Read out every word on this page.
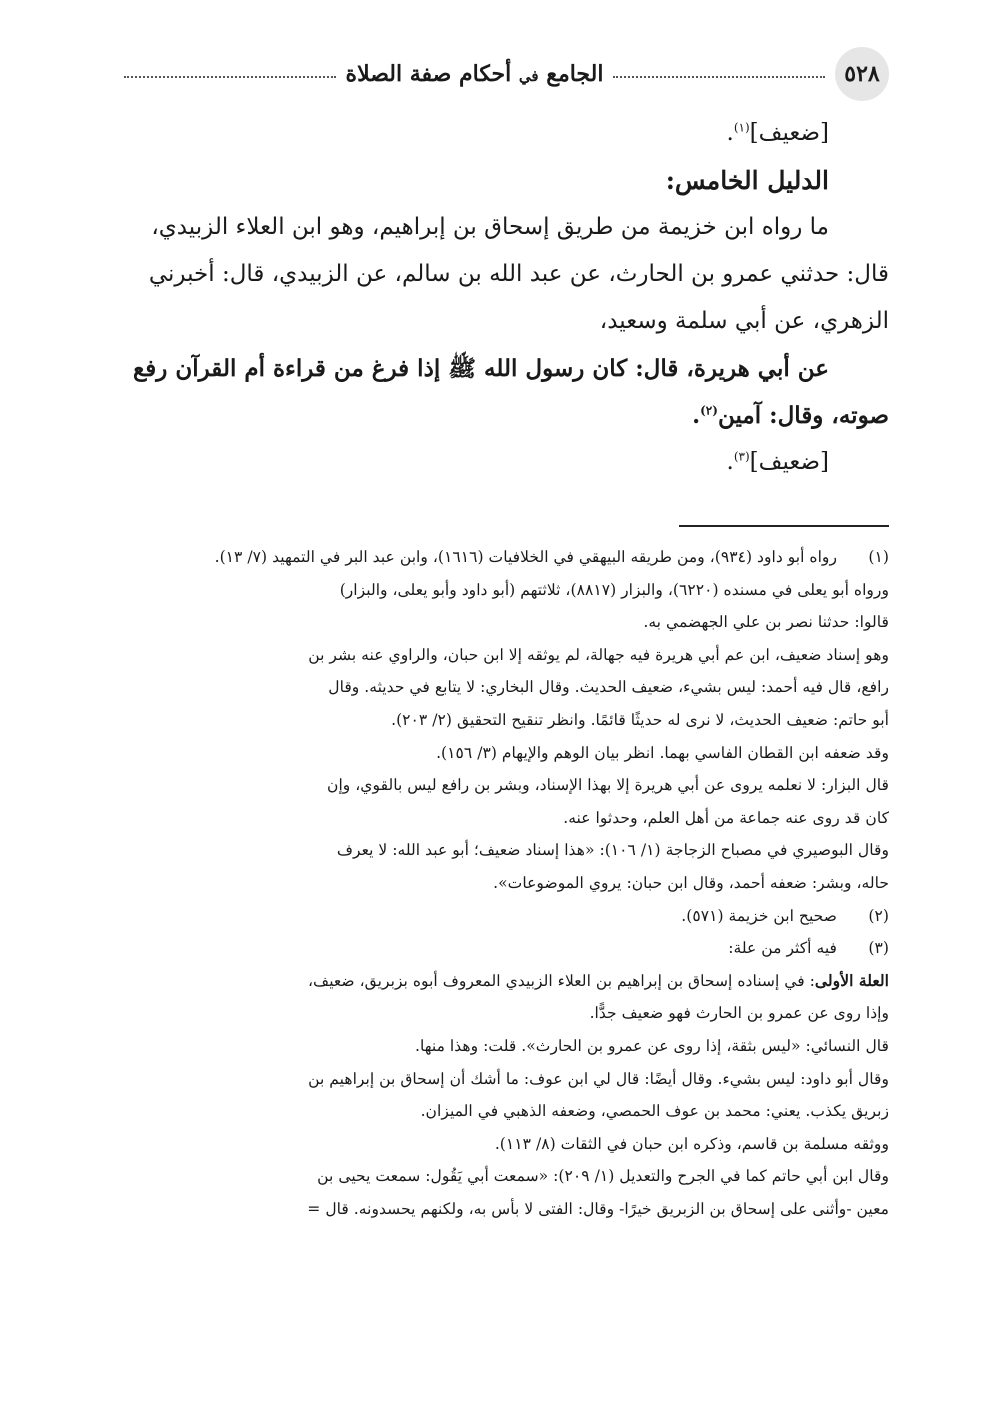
٥٢٨
الجامع في أحكام صفة الصلاة

[ضعيف]$^{(١)}$.

الدليل الخامس:

ما رواه ابن خزيمة من طريق إسحاق بن إبراهيم، وهو ابن العلاء الزبيدي،

قال: حدثني عمرو بن الحارث، عن عبد الله بن سالم، عن الزبيدي، قال: أخبرني

الزهري، عن أبي سلمة وسعيد،

عن أبي هريرة، قال: كان رسول الله ﷺ إذا فرغ من قراءة أم القرآن رفع

صوته، وقال: آمين$^{(٢)}$.

[ضعيف]$^{(٣)}$.

(١)
رواه أبو داود (٩٣٤)، ومن طريقه البيهقي في الخلافيات (١٦١٦)، وابن عبد البر في التمهيد (٧/ ١٣).

ورواه أبو يعلى في مسنده (٦٢٢٠)، والبزار (٨٨١٧)، ثلاثتهم (أبو داود وأبو يعلى، والبزار)

قالوا: حدثنا نصر بن علي الجهضمي به.

وهو إسناد ضعيف، ابن عم أبي هريرة فيه جهالة، لم يوثقه إلا ابن حبان، والراوي عنه بشر بن

رافع، قال فيه أحمد: ليس بشيء، ضعيف الحديث. وقال البخاري: لا يتابع في حديثه. وقال

أبو حاتم: ضعيف الحديث، لا نرى له حديثًا قائمًا. وانظر تنقيح التحقيق (٢/ ٢٠٣).

وقد ضعفه ابن القطان الفاسي بهما. انظر بيان الوهم والإيهام (٣/ ١٥٦).

قال البزار: لا نعلمه يروى عن أبي هريرة إلا بهذا الإسناد، وبشر بن رافع ليس بالقوي، وإن

كان قد روى عنه جماعة من أهل العلم، وحدثوا عنه.

وقال البوصيري في مصباح الزجاجة (١/ ١٠٦): «هذا إسناد ضعيف؛ أبو عبد الله: لا يعرف

حاله، وبشر: ضعفه أحمد، وقال ابن حبان: يروي الموضوعات».

(٢)
صحيح ابن خزيمة (٥٧١).

(٣)
فيه أكثر من علة:

العلة الأولى: في إسناده إسحاق بن إبراهيم بن العلاء الزبيدي المعروف أبوه بزبريق، ضعيف،

وإذا روى عن عمرو بن الحارث فهو ضعيف جدًّا.

قال النسائي: «ليس بثقة، إذا روى عن عمرو بن الحارث». قلت: وهذا منها.

وقال أبو داود: ليس بشيء. وقال أيضًا: قال لي ابن عوف: ما أشك أن إسحاق بن إبراهيم بن

زبريق يكذب. يعني: محمد بن عوف الحمصي، وضعفه الذهبي في الميزان.

ووثقه مسلمة بن قاسم، وذكره ابن حبان في الثقات (٨/ ١١٣).

وقال ابن أبي حاتم كما في الجرح والتعديل (١/ ٢٠٩): «سمعت أبي يَقُول: سمعت يحيى بن

معين -وأثنى على إسحاق بن الزبريق خيرًا- وقال: الفتى لا بأس به، ولكنهم يحسدونه. قال =
